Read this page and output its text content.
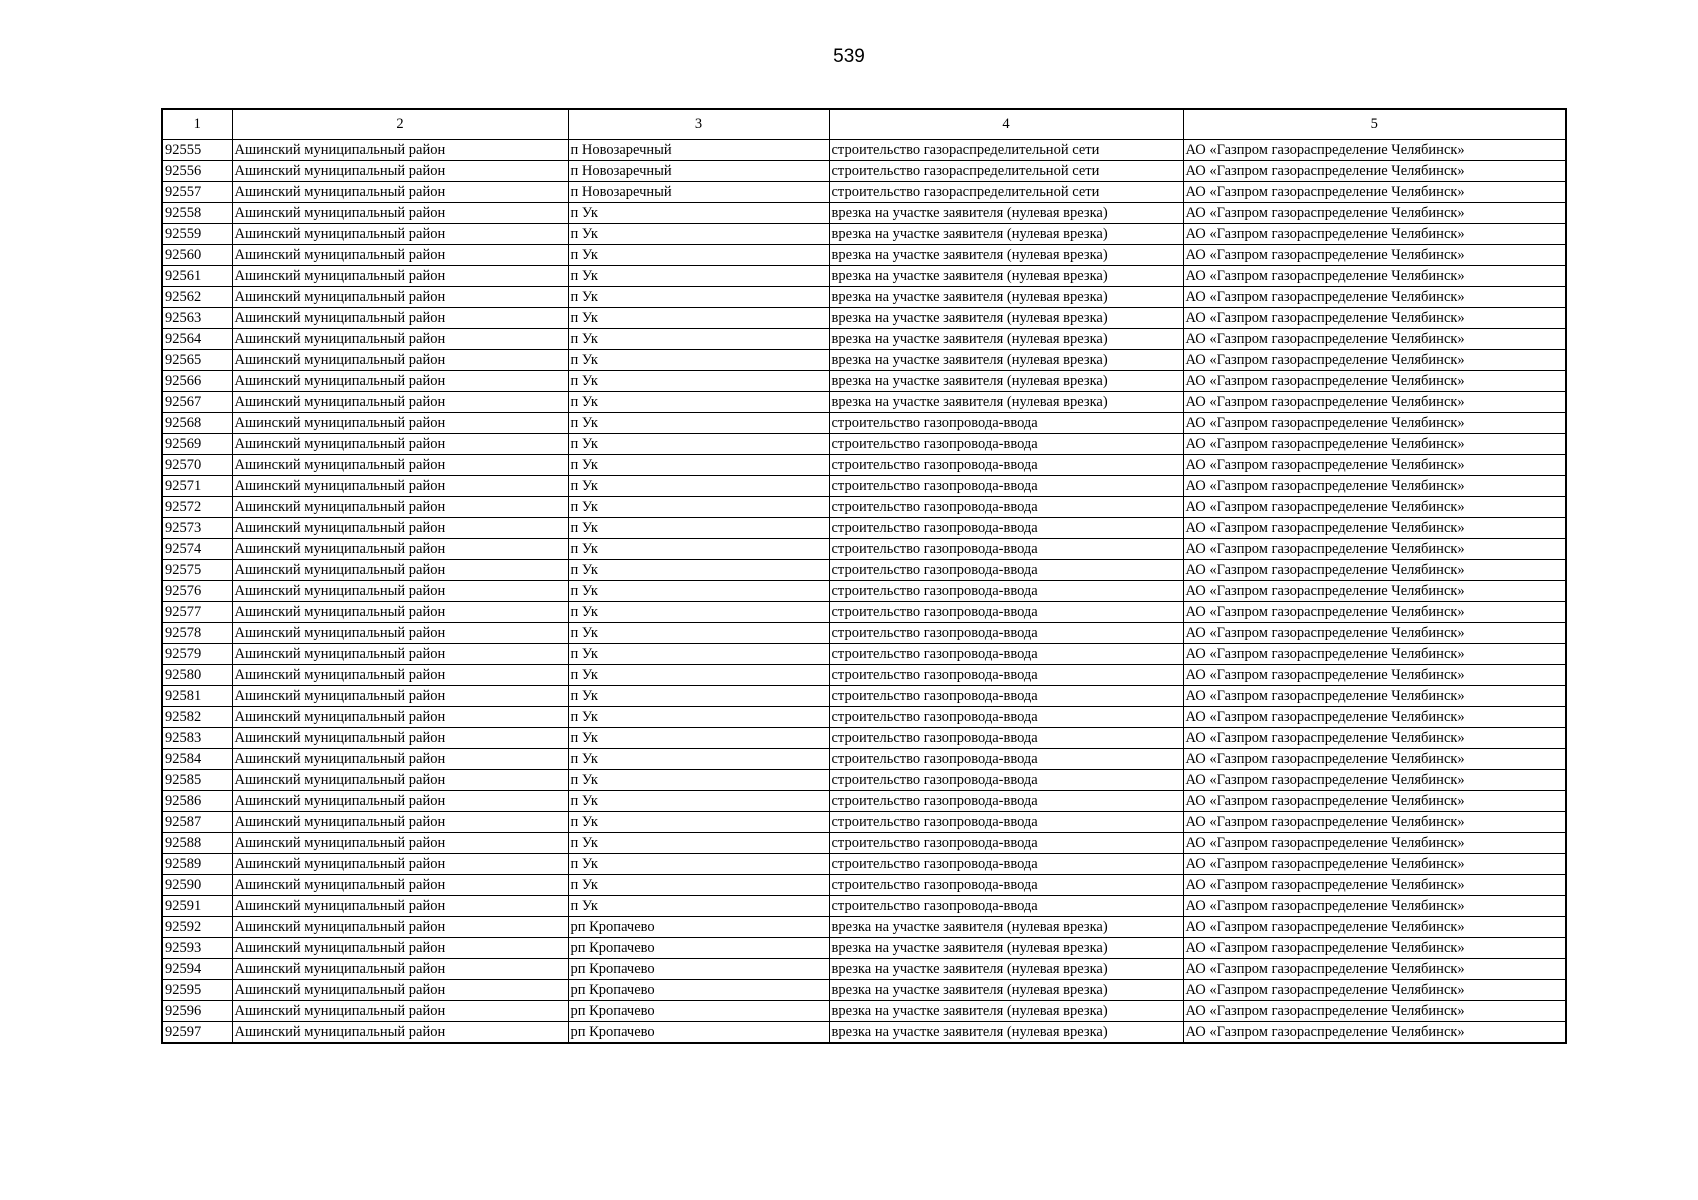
539
1	2	3	4	5
92555	Ашинский муниципальный район	п Новозаречный	строительство газораспределительной сети	АО «Газпром газораспределение Челябинск»
92556	Ашинский муниципальный район	п Новозаречный	строительство газораспределительной сети	АО «Газпром газораспределение Челябинск»
92557	Ашинский муниципальный район	п Новозаречный	строительство газораспределительной сети	АО «Газпром газораспределение Челябинск»
92558	Ашинский муниципальный район	п Ук	врезка на участке заявителя (нулевая врезка)	АО «Газпром газораспределение Челябинск»
92559	Ашинский муниципальный район	п Ук	врезка на участке заявителя (нулевая врезка)	АО «Газпром газораспределение Челябинск»
92560	Ашинский муниципальный район	п Ук	врезка на участке заявителя (нулевая врезка)	АО «Газпром газораспределение Челябинск»
92561	Ашинский муниципальный район	п Ук	врезка на участке заявителя (нулевая врезка)	АО «Газпром газораспределение Челябинск»
92562	Ашинский муниципальный район	п Ук	врезка на участке заявителя (нулевая врезка)	АО «Газпром газораспределение Челябинск»
92563	Ашинский муниципальный район	п Ук	врезка на участке заявителя (нулевая врезка)	АО «Газпром газораспределение Челябинск»
92564	Ашинский муниципальный район	п Ук	врезка на участке заявителя (нулевая врезка)	АО «Газпром газораспределение Челябинск»
92565	Ашинский муниципальный район	п Ук	врезка на участке заявителя (нулевая врезка)	АО «Газпром газораспределение Челябинск»
92566	Ашинский муниципальный район	п Ук	врезка на участке заявителя (нулевая врезка)	АО «Газпром газораспределение Челябинск»
92567	Ашинский муниципальный район	п Ук	врезка на участке заявителя (нулевая врезка)	АО «Газпром газораспределение Челябинск»
92568	Ашинский муниципальный район	п Ук	строительство газопровода-ввода	АО «Газпром газораспределение Челябинск»
92569	Ашинский муниципальный район	п Ук	строительство газопровода-ввода	АО «Газпром газораспределение Челябинск»
92570	Ашинский муниципальный район	п Ук	строительство газопровода-ввода	АО «Газпром газораспределение Челябинск»
92571	Ашинский муниципальный район	п Ук	строительство газопровода-ввода	АО «Газпром газораспределение Челябинск»
92572	Ашинский муниципальный район	п Ук	строительство газопровода-ввода	АО «Газпром газораспределение Челябинск»
92573	Ашинский муниципальный район	п Ук	строительство газопровода-ввода	АО «Газпром газораспределение Челябинск»
92574	Ашинский муниципальный район	п Ук	строительство газопровода-ввода	АО «Газпром газораспределение Челябинск»
92575	Ашинский муниципальный район	п Ук	строительство газопровода-ввода	АО «Газпром газораспределение Челябинск»
92576	Ашинский муниципальный район	п Ук	строительство газопровода-ввода	АО «Газпром газораспределение Челябинск»
92577	Ашинский муниципальный район	п Ук	строительство газопровода-ввода	АО «Газпром газораспределение Челябинск»
92578	Ашинский муниципальный район	п Ук	строительство газопровода-ввода	АО «Газпром газораспределение Челябинск»
92579	Ашинский муниципальный район	п Ук	строительство газопровода-ввода	АО «Газпром газораспределение Челябинск»
92580	Ашинский муниципальный район	п Ук	строительство газопровода-ввода	АО «Газпром газораспределение Челябинск»
92581	Ашинский муниципальный район	п Ук	строительство газопровода-ввода	АО «Газпром газораспределение Челябинск»
92582	Ашинский муниципальный район	п Ук	строительство газопровода-ввода	АО «Газпром газораспределение Челябинск»
92583	Ашинский муниципальный район	п Ук	строительство газопровода-ввода	АО «Газпром газораспределение Челябинск»
92584	Ашинский муниципальный район	п Ук	строительство газопровода-ввода	АО «Газпром газораспределение Челябинск»
92585	Ашинский муниципальный район	п Ук	строительство газопровода-ввода	АО «Газпром газораспределение Челябинск»
92586	Ашинский муниципальный район	п Ук	строительство газопровода-ввода	АО «Газпром газораспределение Челябинск»
92587	Ашинский муниципальный район	п Ук	строительство газопровода-ввода	АО «Газпром газораспределение Челябинск»
92588	Ашинский муниципальный район	п Ук	строительство газопровода-ввода	АО «Газпром газораспределение Челябинск»
92589	Ашинский муниципальный район	п Ук	строительство газопровода-ввода	АО «Газпром газораспределение Челябинск»
92590	Ашинский муниципальный район	п Ук	строительство газопровода-ввода	АО «Газпром газораспределение Челябинск»
92591	Ашинский муниципальный район	п Ук	строительство газопровода-ввода	АО «Газпром газораспределение Челябинск»
92592	Ашинский муниципальный район	рп Кропачево	врезка на участке заявителя (нулевая врезка)	АО «Газпром газораспределение Челябинск»
92593	Ашинский муниципальный район	рп Кропачево	врезка на участке заявителя (нулевая врезка)	АО «Газпром газораспределение Челябинск»
92594	Ашинский муниципальный район	рп Кропачево	врезка на участке заявителя (нулевая врезка)	АО «Газпром газораспределение Челябинск»
92595	Ашинский муниципальный район	рп Кропачево	врезка на участке заявителя (нулевая врезка)	АО «Газпром газораспределение Челябинск»
92596	Ашинский муниципальный район	рп Кропачево	врезка на участке заявителя (нулевая врезка)	АО «Газпром газораспределение Челябинск»
92597	Ашинский муниципальный район	рп Кропачево	врезка на участке заявителя (нулевая врезка)	АО «Газпром газораспределение Челябинск»
